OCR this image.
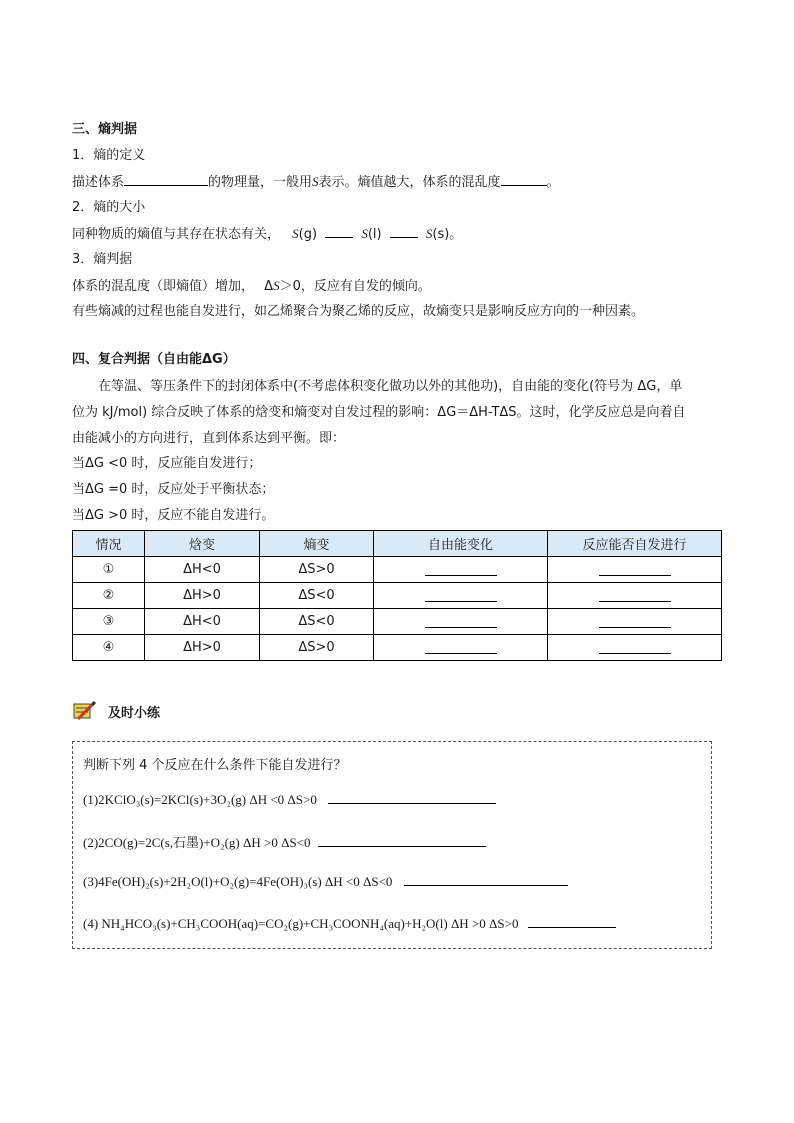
三、熵判据
1．熵的定义
描述体系	的物理量，一般用S表示。熵值越大，体系的混乱度	。
2．熵的大小
同种物质的熵值与其存在状态有关， S(g)	S(l)	S(s)。
3．熵判据
体系的混乱度（即熵值）增加， ΔS＞0，反应有自发的倾向。
有些熵减的过程也能自发进行，如乙烯聚合为聚乙烯的反应，故熵变只是影响反应方向的一种因素。
四、复合判据（自由能ΔG）
在等温、等压条件下的封闭体系中(不考虑体积变化做功以外的其他功)，自由能的变化(符号为 ΔG，单
位为 kJ/mol) 综合反映了体系的焓变和熵变对自发过程的影响：ΔG＝ΔH-TΔS。这时，化学反应总是向着自
由能减小的方向进行，直到体系达到平衡。即：
当ΔG <0 时，反应能自发进行；
当ΔG =0 时，反应处于平衡状态；
当ΔG >0 时，反应不能自发进行。
情况	焓变	熵变	自由能变化	反应能否自发进行
①	ΔH<0	ΔS>0		
②	ΔH>0	ΔS<0		
③	ΔH<0	ΔS<0		
④	ΔH>0	ΔS>0		
及时小练
判断下列 4 个反应在什么条件下能自发进行？
(1)2KClO₃(s)=2KCl(s)+3O₂(g) ΔH <0 ΔS>0
(2)2CO(g)=2C(s,石墨)+O₂(g) ΔH >0 ΔS<0
(3)4Fe(OH)₂(s)+2H₂O(l)+O₂(g)=4Fe(OH)₃(s) ΔH <0 ΔS<0
(4) NH₄HCO₃(s)+CH₃COOH(aq)=CO₂(g)+CH₃COONH₄(aq)+H₂O(l) ΔH >0 ΔS>0
